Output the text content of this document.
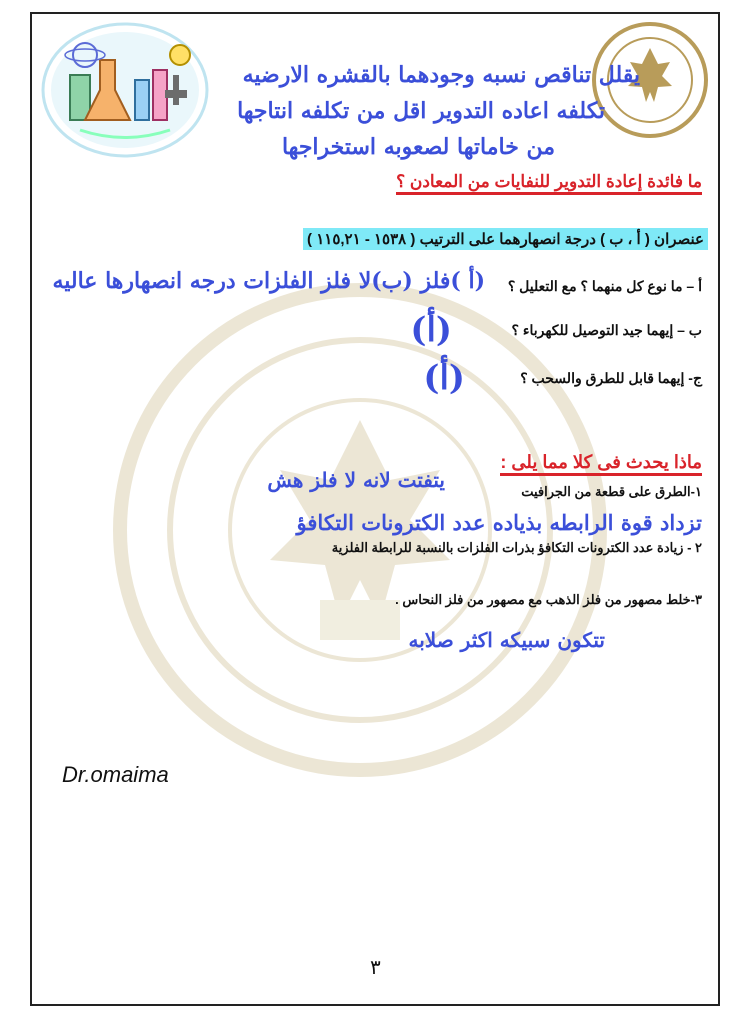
يقلل تناقص نسبه وجودهما بالقشره الارضيه
تكلفه اعاده التدوير اقل من تكلفه انتاجها
من خاماتها لصعوبه استخراجها
ما فائدة إعادة التدوير للنفايات من المعادن ؟
عنصران ( أ ، ب ) درجة انصهارهما على الترتيب ( ١٥٣٨ - ١١٥,٢١ )
أ – ما نوع كل منهما ؟ مع التعليل ؟
(أ )فلز (ب)لا فلز الفلزات درجه انصهارها عاليه
ب – إيهما جيد التوصيل للكهرباء ؟
(أ)
ج- إيهما قابل للطرق والسحب ؟
(أ)
ماذا يحدث فى كلا مما يلى :
يتفتت لانه لا فلز هش	١-الطرق على قطعة من الجرافيت
تزداد قوة الرابطه بذياده عدد الكترونات التكافؤ
٢ - زيادة عدد الكترونات التكافؤ بذرات الفلزات بالنسبة للرابطة الفلزية
٣-خلط مصهور من فلز الذهب مع مصهور من فلز النحاس .
تتكون سبيكه اكثر صلابه
Dr.omaima
٣
